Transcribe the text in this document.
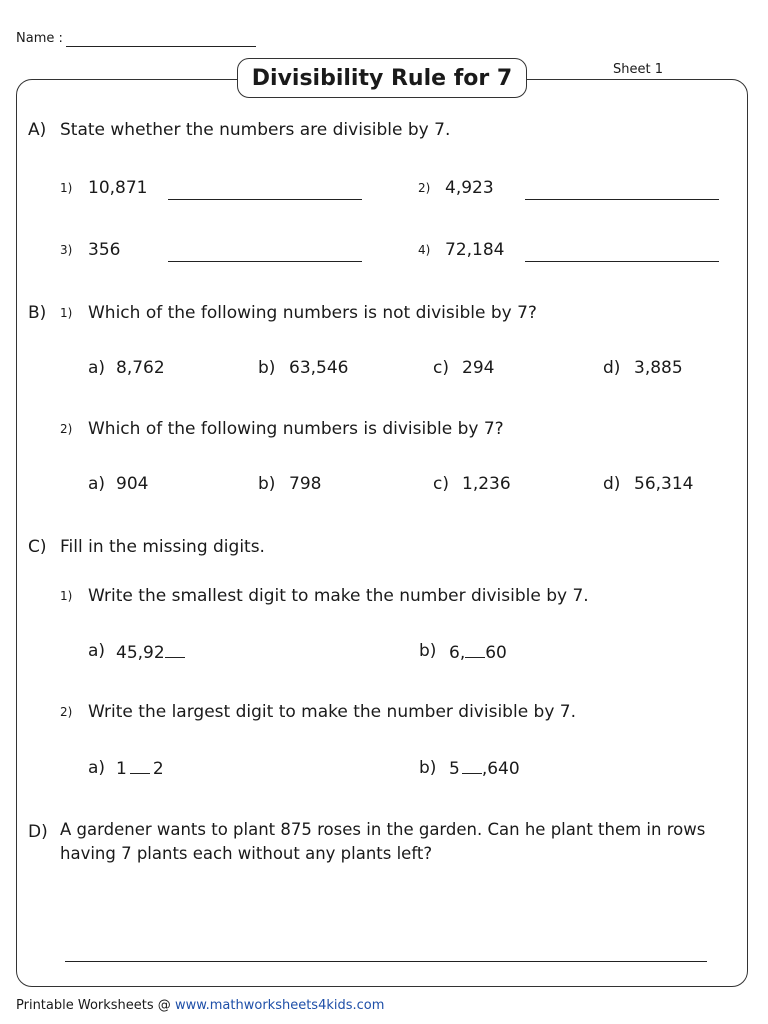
Name :
Sheet 1
Divisibility Rule for 7
A) State whether the numbers are divisible by 7.
1) 10,871	2) 4,923
3) 356	4) 72,184
B) 1) Which of the following numbers is not divisible by 7?
a) 8,762	b) 63,546	c) 294	d) 3,885
2) Which of the following numbers is divisible by 7?
a) 904	b) 798	c) 1,236	d) 56,314
C) Fill in the missing digits.
1) Write the smallest digit to make the number divisible by 7.
a) 45,92	b) 6, 60
2) Write the largest digit to make the number divisible by 7.
a) 1 2	b) 5 ,640
D) A gardener wants to plant 875 roses in the garden. Can he plant them in rows
having 7 plants each without any plants left?
Printable Worksheets @ www.mathworksheets4kids.com
